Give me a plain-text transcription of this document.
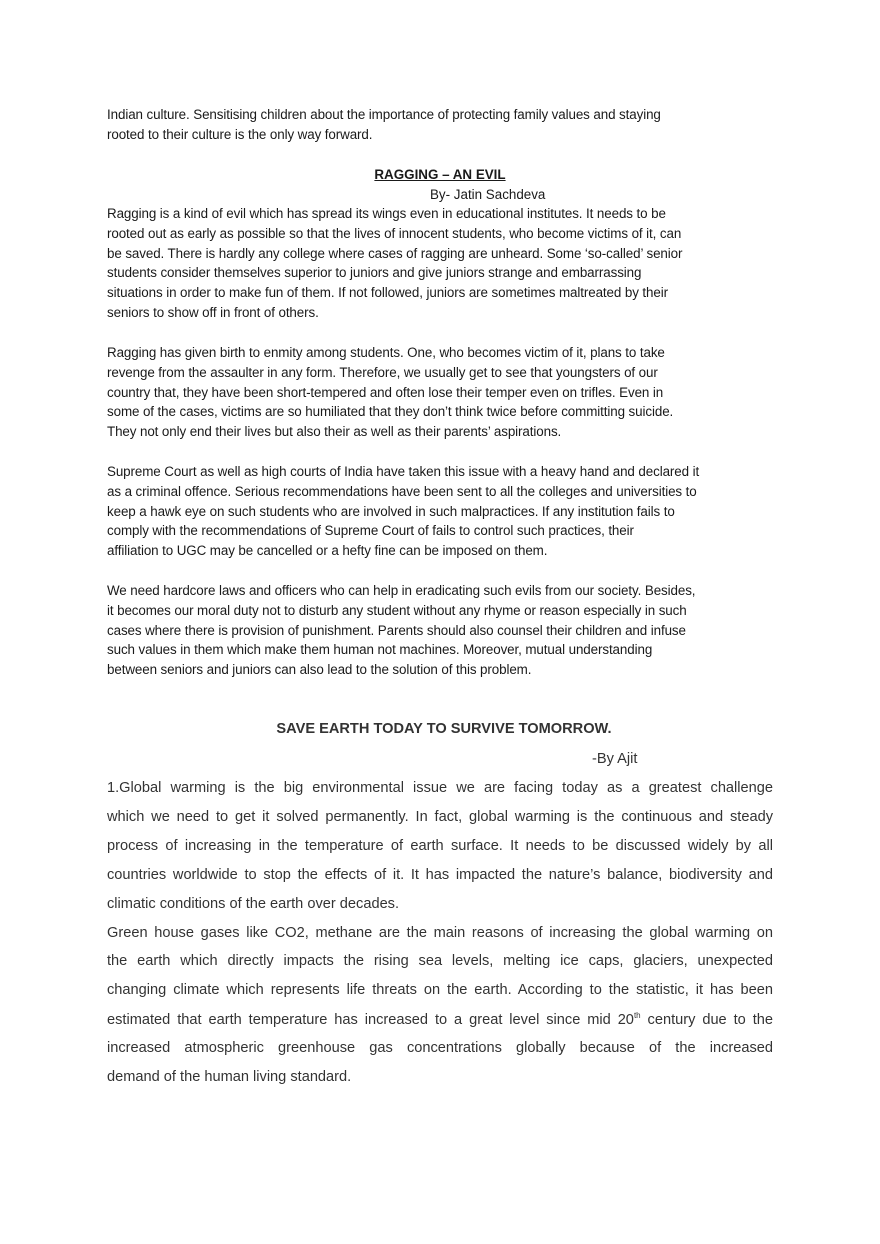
Indian culture. Sensitising children about the importance of protecting family values and staying
rooted to their culture is the only way forward.
RAGGING – AN EVIL
By- Jatin Sachdeva
Ragging is a kind of evil which has spread its wings even in educational institutes. It needs to be
rooted out as early as possible so that the lives of innocent students, who become victims of it, can
be saved. There is hardly any college where cases of ragging are unheard. Some ‘so-called’ senior
students consider themselves superior to juniors and give juniors strange and embarrassing
situations in order to make fun of them. If not followed, juniors are sometimes maltreated by their
seniors to show off in front of others.
Ragging has given birth to enmity among students. One, who becomes victim of it, plans to take
revenge from the assaulter in any form. Therefore, we usually get to see that youngsters of our
country that, they have been short-tempered and often lose their temper even on trifles. Even in
some of the cases, victims are so humiliated that they don’t think twice before committing suicide.
They not only end their lives but also their as well as their parents’ aspirations.
Supreme Court as well as high courts of India have taken this issue with a heavy hand and declared it
as a criminal offence. Serious recommendations have been sent to all the colleges and universities to
keep a hawk eye on such students who are involved in such malpractices. If any institution fails to
comply with the recommendations of Supreme Court of fails to control such practices, their
affiliation to UGC may be cancelled or a hefty fine can be imposed on them.
We need hardcore laws and officers who can help in eradicating such evils from our society. Besides,
it becomes our moral duty not to disturb any student without any rhyme or reason especially in such
cases where there is provision of punishment. Parents should also counsel their children and infuse
such values in them which make them human not machines. Moreover, mutual understanding
between seniors and juniors can also lead to the solution of this problem.
SAVE EARTH TODAY TO SURVIVE TOMORROW.
-By Ajit
1.Global warming is the big environmental issue we are facing today as a greatest challenge
which we need to get it solved permanently. In fact, global warming is the continuous and steady
process of increasing in the temperature of earth surface. It needs to be discussed widely by all
countries worldwide to stop the effects of it. It has impacted the nature’s balance, biodiversity and
climatic conditions of the earth over decades.
Green house gases like CO2, methane are the main reasons of increasing the global warming on
the earth which directly impacts the rising sea levels, melting ice caps, glaciers, unexpected
changing climate which represents life threats on the earth. According to the statistic, it has been
estimated that earth temperature has increased to a great level since mid 20th century due to the
increased atmospheric greenhouse gas concentrations globally because of the increased
demand of the human living standard.
